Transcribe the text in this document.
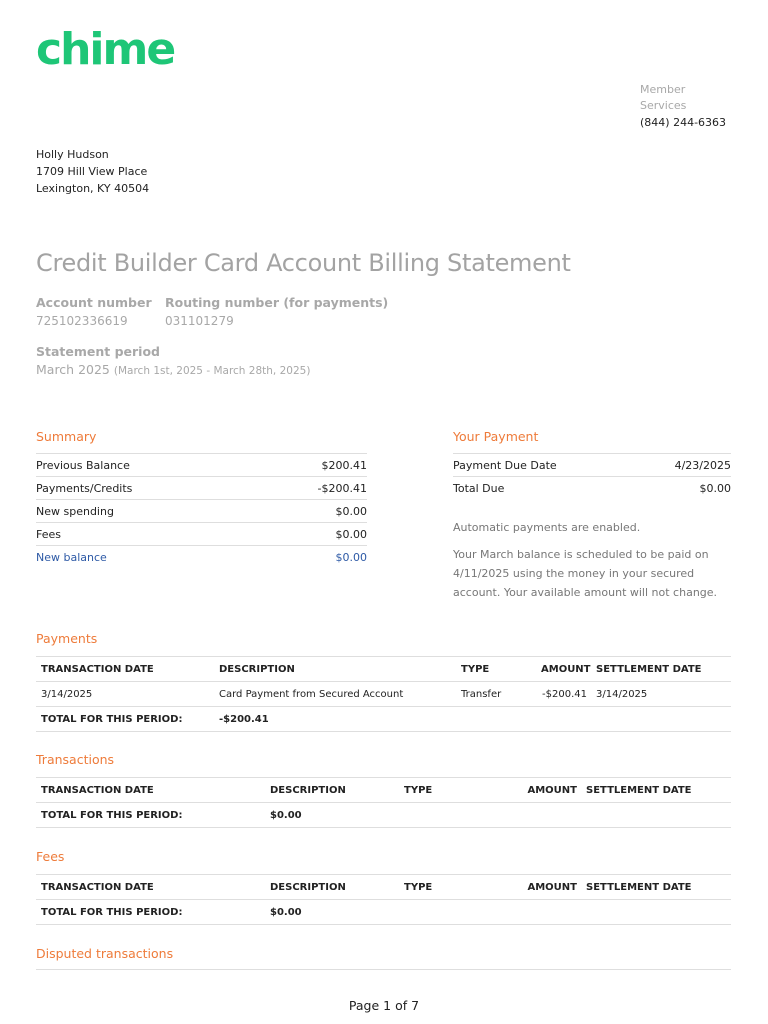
chime
Member Services
(844) 244-6363
Holly Hudson
1709 Hill View Place
Lexington, KY 40504
Credit Builder Card Account Billing Statement
Account number
725102336619
Routing number (for payments)
031101279
Statement period
March 2025 (March 1st, 2025 - March 28th, 2025)
Summary
Previous Balance	$200.41
Payments/Credits	-$200.41
New spending	$0.00
Fees	$0.00
New balance	$0.00
Your Payment
Payment Due Date	4/23/2025
Total Due	$0.00
Automatic payments are enabled.
Your March balance is scheduled to be paid on 4/11/2025 using the money in your secured account. Your available amount will not change.
Payments
TRANSACTION DATE	DESCRIPTION	TYPE	AMOUNT	SETTLEMENT DATE
3/14/2025	Card Payment from Secured Account	Transfer	-$200.41	3/14/2025
TOTAL FOR THIS PERIOD:	-$200.41			
Transactions
TRANSACTION DATE	DESCRIPTION	TYPE	AMOUNT	SETTLEMENT DATE
TOTAL FOR THIS PERIOD:	$0.00			
Fees
TRANSACTION DATE	DESCRIPTION	TYPE	AMOUNT	SETTLEMENT DATE
TOTAL FOR THIS PERIOD:	$0.00			
Disputed transactions
Page 1 of 7
